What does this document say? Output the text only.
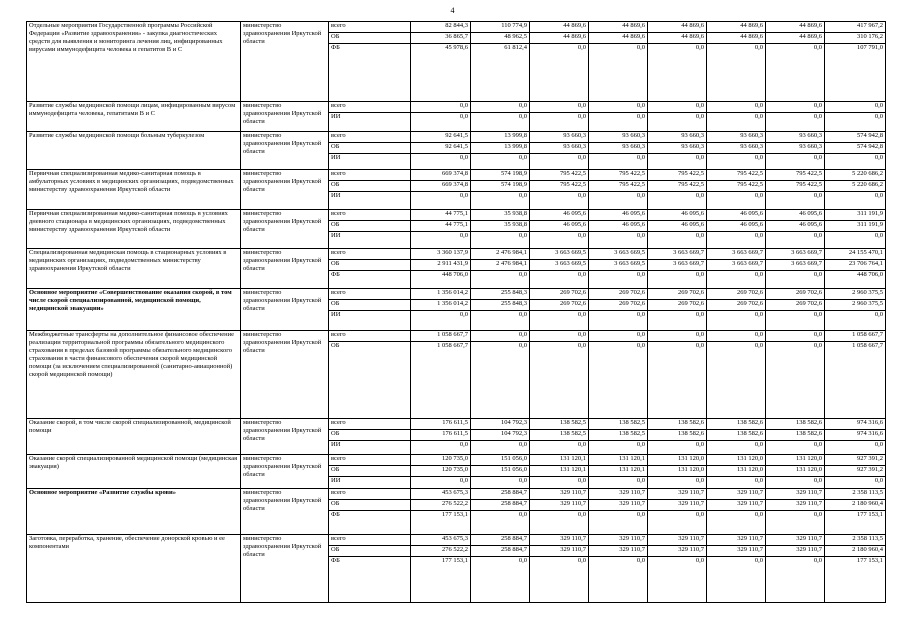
4
Отдельные мероприятия Государственной программы Российской Федерации «Развитие здравоохранения» - закупка диагностических средств для выявления и мониторинга лечения лиц, инфицированных вирусами иммунодефицита человека и гепатитов В и С	министерство здравоохранения Иркутской области	всего	82 844,3	110 774,9	44 869,6	44 869,6	44 869,6	44 869,6	44 869,6	417 967,2
		ОБ	36 865,7	48 962,5	44 869,6	44 869,6	44 869,6	44 869,6	44 869,6	310 176,2
		ФБ	45 978,6	61 812,4	0,0	0,0	0,0	0,0	0,0	107 791,0
Развитие службы медицинской помощи лицам, инфицированным вирусом иммунодефицита человека, гепатитами В и С	министерство здравоохранения Иркутской области	всего	0,0	0,0	0,0	0,0	0,0	0,0	0,0	0,0
		ИИ	0,0	0,0	0,0	0,0	0,0	0,0	0,0	0,0
Развитие службы медицинской помощи больным туберкулезом	министерство здравоохранения Иркутской области	всего	92 641,5	13 999,8	93 660,3	93 660,3	93 660,3	93 660,3	93 660,3	574 942,8
		ОБ	92 641,5	13 999,8	93 660,3	93 660,3	93 660,3	93 660,3	93 660,3	574 942,8
		ИИ	0,0	0,0	0,0	0,0	0,0	0,0	0,0	0,0
Первичная специализированная медико-санитарная помощь в амбулаторных условиях в медицинских организациях, подведомственных министерству здравоохранения Иркутской области	министерство здравоохранения Иркутской области	всего	669 374,8	574 198,9	795 422,5	795 422,5	795 422,5	795 422,5	795 422,5	5 220 686,2
		ОБ	669 374,8	574 198,9	795 422,5	795 422,5	795 422,5	795 422,5	795 422,5	5 220 686,2
		ИИ	0,0	0,0	0,0	0,0	0,0	0,0	0,0	0,0
Первичная специализированная медико-санитарная помощь в условиях дневного стационара в медицинских организациях, подведомственных министерству здравоохранения Иркутской области	министерство здравоохранения Иркутской области	всего	44 775,1	35 938,8	46 095,6	46 095,6	46 095,6	46 095,6	46 095,6	311 191,9
		ОБ	44 775,1	35 938,8	46 095,6	46 095,6	46 095,6	46 095,6	46 095,6	311 191,9
		ИИ	0,0	0,0	0,0	0,0	0,0	0,0	0,0	0,0
Специализированная медицинская помощь в стационарных условиях в медицинских организациях, подведомственных министерству здравоохранения Иркутской области	министерство здравоохранения Иркутской области	всего	3 360 137,9	2 476 984,1	3 663 669,5	3 663 669,5	3 663 669,7	3 663 669,7	3 663 669,7	24 155 470,1
		ОБ	2 911 431,9	2 476 984,1	3 663 669,5	3 663 669,5	3 663 669,7	3 663 669,7	3 663 669,7	23 706 764,1
		ФБ	448 706,0	0,0	0,0	0,0	0,0	0,0	0,0	448 706,0
Основное мероприятие «Совершенствование оказания скорой, в том числе скорой специализированной, медицинской помощи, медицинской эвакуации»	министерство здравоохранения Иркутской области	всего	1 356 014,2	255 848,3	269 702,6	269 702,6	269 702,6	269 702,6	269 702,6	2 960 375,5
		ОБ	1 356 014,2	255 848,3	269 702,6	269 702,6	269 702,6	269 702,6	269 702,6	2 960 375,5
		ИИ	0,0	0,0	0,0	0,0	0,0	0,0	0,0	0,0
Межбюджетные трансферты на дополнительное финансовое обеспечение реализации территориальной программы обязательного медицинского страхования в пределах базовой программы обязательного медицинского страхования в части финансового обеспечения скорой медицинской помощи (за исключением специализированной (санитарно-авиационной) скорой медицинской помощи)	министерство здравоохранения Иркутской области	всего	1 058 667,7	0,0	0,0	0,0	0,0	0,0	0,0	1 058 667,7
		ОБ	1 058 667,7	0,0	0,0	0,0	0,0	0,0	0,0	1 058 667,7
Оказание скорой, в том числе скорой специализированной, медицинской помощи	министерство здравоохранения Иркутской области	всего	176 611,5	104 792,3	138 582,5	138 582,5	138 582,6	138 582,6	138 582,6	974 316,6
		ОБ	176 611,5	104 792,3	138 582,5	138 582,5	138 582,6	138 582,6	138 582,6	974 316,6
		ИИ	0,0	0,0	0,0	0,0	0,0	0,0	0,0	0,0
Оказание скорой специализированной медицинской помощи (медицинская эвакуация)	министерство здравоохранения Иркутской области	всего	120 735,0	151 056,0	131 120,1	131 120,1	131 120,0	131 120,0	131 120,0	927 391,2
		ОБ	120 735,0	151 056,0	131 120,1	131 120,1	131 120,0	131 120,0	131 120,0	927 391,2
		ИИ	0,0	0,0	0,0	0,0	0,0	0,0	0,0	0,0
Основное мероприятие «Развитие службы крови»	министерство здравоохранения Иркутской области	всего	453 675,3	258 884,7	329 110,7	329 110,7	329 110,7	329 110,7	329 110,7	2 358 113,5
		ОБ	276 522,2	258 884,7	329 110,7	329 110,7	329 110,7	329 110,7	329 110,7	2 180 960,4
		ФБ	177 153,1	0,0	0,0	0,0	0,0	0,0	0,0	177 153,1
Заготовка, переработка, хранение, обеспечение донорской кровью и ее компонентами	министерство здравоохранения Иркутской области	всего	453 675,3	258 884,7	329 110,7	329 110,7	329 110,7	329 110,7	329 110,7	2 358 113,5
		ОБ	276 522,2	258 884,7	329 110,7	329 110,7	329 110,7	329 110,7	329 110,7	2 180 960,4
		ФБ	177 153,1	0,0	0,0	0,0	0,0	0,0	0,0	177 153,1
